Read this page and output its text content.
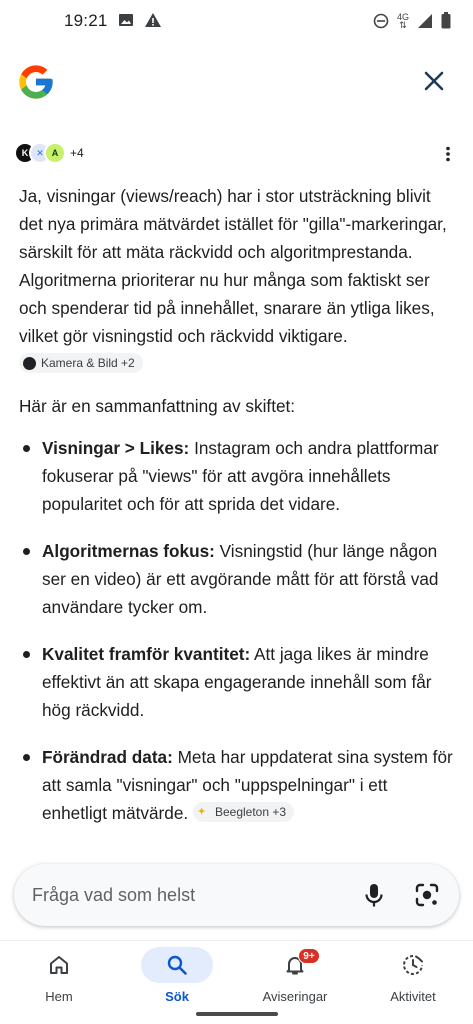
19:21	4G
⇅
K ✕ A +4

Ja, visningar (views/reach) har i stor utsträckning blivit det nya primära mätvärdet istället för "gilla"-markeringar, särskilt för att mäta räckvidd och algoritmprestanda. Algoritmerna prioriterar nu hur många som faktiskt ser och spenderar tid på innehållet, snarare än ytliga likes, vilket gör visningstid och räckvidd viktigare.
Kamera & Bild +2

Här är en sammanfattning av skiftet:

Visningar > Likes: Instagram och andra plattformar fokuserar på "views" för att avgöra innehållets popularitet och för att sprida det vidare.
Algoritmernas fokus: Visningstid (hur länge någon ser en video) är ett avgörande mått för att förstå vad användare tycker om.
Kvalitet framför kvantitet: Att jaga likes är mindre effektivt än att skapa engagerande innehåll som får hög räckvidd.
Förändrad data: Meta har uppdaterat sina system för att samla "visningar" och "uppspelningar" i ett enhetligt mätvärde. ✦ Beegleton +3
Fråga vad som helst
Hem	Sök
9+
Aviseringar	Aktivitet
